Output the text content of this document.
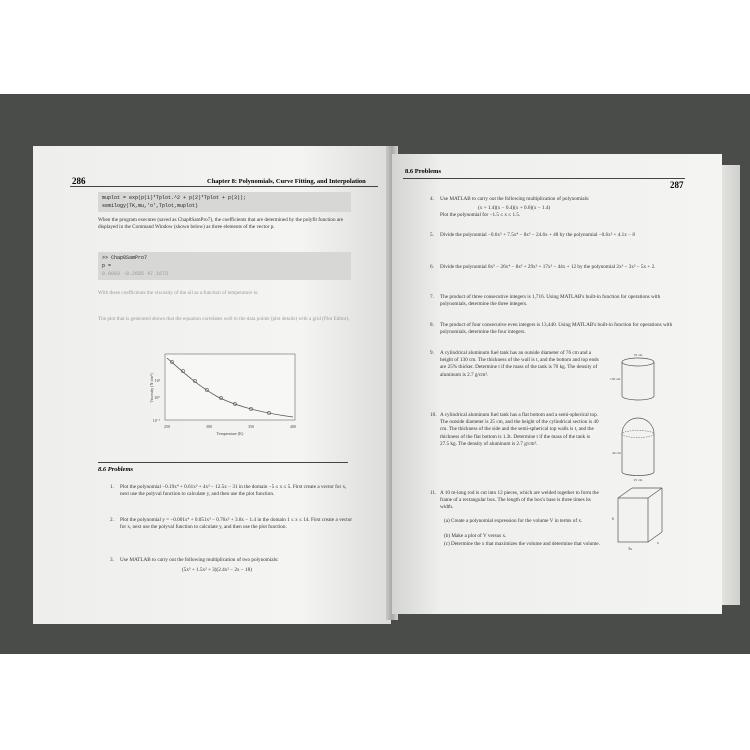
286	Chapter 8: Polynomials, Curve Fitting, and Interpolation
muplot = exp(p(1)*Tplot.^2 + p(2)*Tplot + p(3));
semilogy(TK,mu,'o',Tplot,muplot)
When the program executes (saved as Chap8SamPro7), the coefficients that are determined by the polyfit function are displayed in the Command Window (shown below) as three elements of the vector p.
>> Chap8SamPro7
p =
0.0003 -0.2685 47.1673
With these coefficients the viscosity of the oil as a function of temperature is:
The plot that is generated shows that the equation correlates well to the data points (plot details) with a grid (Plot Editor).
10¹
10⁰
10⁻¹
250	300	350	400
Temperature (K)
Viscosity (N s/m²)
8.6 Problems
1. Plot the polynomial −0.19x⁴ + 0.61x³ + 4x² − 12.5x − 31 in the domain −5 ≤ x ≤ 5. First create a vector for x, next use the polyval function to calculate y, and then use the plot function.
2. Plot the polynomial y = −0.001x⁴ + 0.051x³ − 0.76x² + 3.8x − 1.4 in the domain 1 ≤ x ≤ 14. First create a vector for x, next use the polyval function to calculate y, and then use the plot function.
3. Use MATLAB to carry out the following multiplication of two polynomials:
(5x³ + 1.5x² + 3)(2.4x² − 2x − 18)
8.6 Problems
287
4. Use MATLAB to carry out the following multiplication of polynomials:
(x + 1.4)(x − 0.4)(x + 0.6)(x − 1.4)
Plot the polynomial for −1.5 ≤ x ≤ 1.5.
5. Divide the polynomial −0.6x⁵ + 7.5x⁴ − 8x³ − 24.6x + 48 by the polynomial −0.6x² + 4.1x − 8
6. Divide the polynomial 8x⁵ − 26x⁴ − 8x³ + 29x² + 17x² − 44x + 12 by the polynomial 2x³ − 3x² − 5x + 2.
7. The product of three consecutive integers is 1,716. Using MATLAB's built-in function for operations with polynomials, determine the three integers.
8. The product of four consecutive even integers is 13,440. Using MATLAB's built-in function for operations with polynomials, determine the four integers.
9. A cylindrical aluminum fuel tank has an outside diameter of 76 cm and a height of 130 cm. The thickness of the wall is t, and the bottom and top ends are 25% thicker. Determine t if the mass of the tank is 70 kg. The density of aluminum is 2.7 g/cm³.
10. A cylindrical aluminum fuel tank has a flat bottom and a semi-spherical top. The outside diameter is 25 cm, and the height of the cylindrical section is 40 cm. The thickness of the side and the semi-spherical top walls is t, and the thickness of the flat bottom is 1.3t. Determine t if the mass of the tank is 27.5 kg. The density of aluminum is 2.7 g/cm³.
11. A 10 m-long rod is cut into 12 pieces, which are welded together to form the frame of a rectangular box. The length of the box's base is three times its width.
(a) Create a polynomial expression for the volume V in terms of x.
(b) Make a plot of V versus x.
(c) Determine the x that maximizes the volume and determine that volume.
76 cm
130 cm
40 cm
25 cm
h
3x
x
